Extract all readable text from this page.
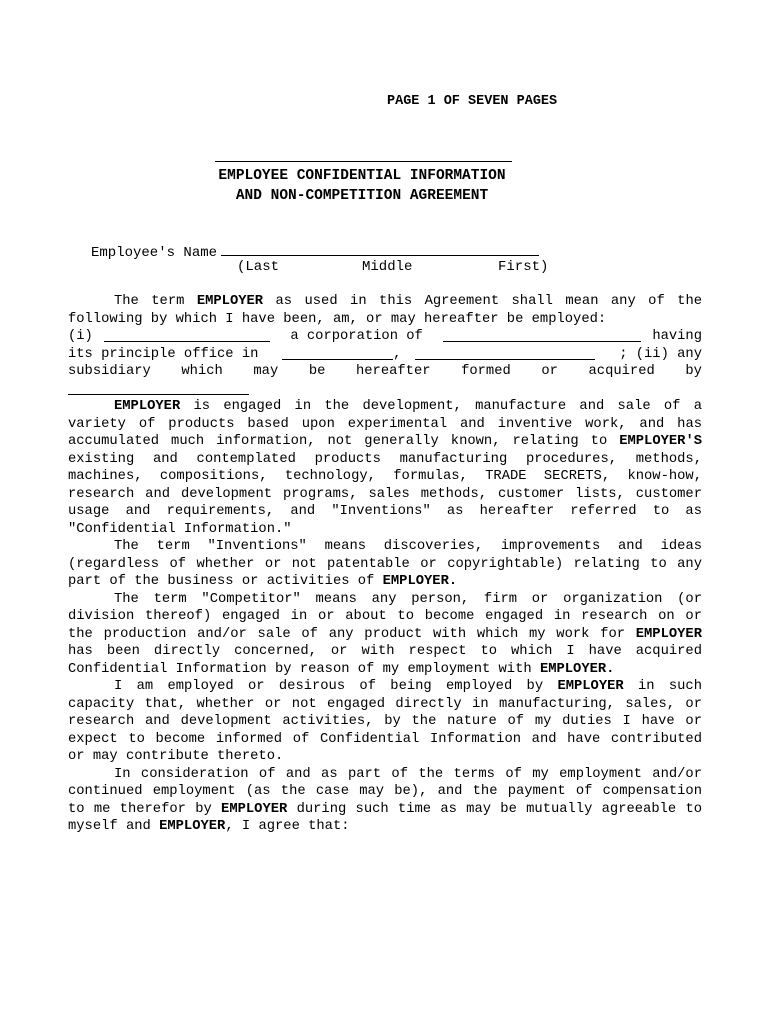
PAGE 1 OF SEVEN PAGES
EMPLOYEE CONFIDENTIAL INFORMATION
AND NON-COMPETITION AGREEMENT
Employee's Name
(Last	Middle	First)

The term EMPLOYER as used in this Agreement shall mean any of the following by which I have been, am, or may hereafter be employed:

(i)	a corporation of	having
its principle office in	,	; (ii) any
subsidiary which may be hereafter formed or acquired by

EMPLOYER is engaged in the development, manufacture and sale of a variety of products based upon experimental and inventive work, and has accumulated much information, not generally known, relating to EMPLOYER'S existing and contemplated products manufacturing procedures, methods, machines, compositions, technology, formulas, TRADE SECRETS, know-how, research and development programs, sales methods, customer lists, customer usage and requirements, and "Inventions" as hereafter referred to as "Confidential Information."

The term "Inventions" means discoveries, improvements and ideas (regardless of whether or not patentable or copyrightable) relating to any part of the business or activities of EMPLOYER.

The term "Competitor" means any person, firm or organization (or division thereof) engaged in or about to become engaged in research on or the production and/or sale of any product with which my work for EMPLOYER has been directly concerned, or with respect to which I have acquired Confidential Information by reason of my employment with EMPLOYER.

I am employed or desirous of being employed by EMPLOYER in such capacity that, whether or not engaged directly in manufacturing, sales, or research and development activities, by the nature of my duties I have or expect to become informed of Confidential Information and have contributed or may contribute thereto.

In consideration of and as part of the terms of my employment and/or continued employment (as the case may be), and the payment of compensation to me therefor by EMPLOYER during such time as may be mutually agreeable to myself and EMPLOYER, I agree that:
